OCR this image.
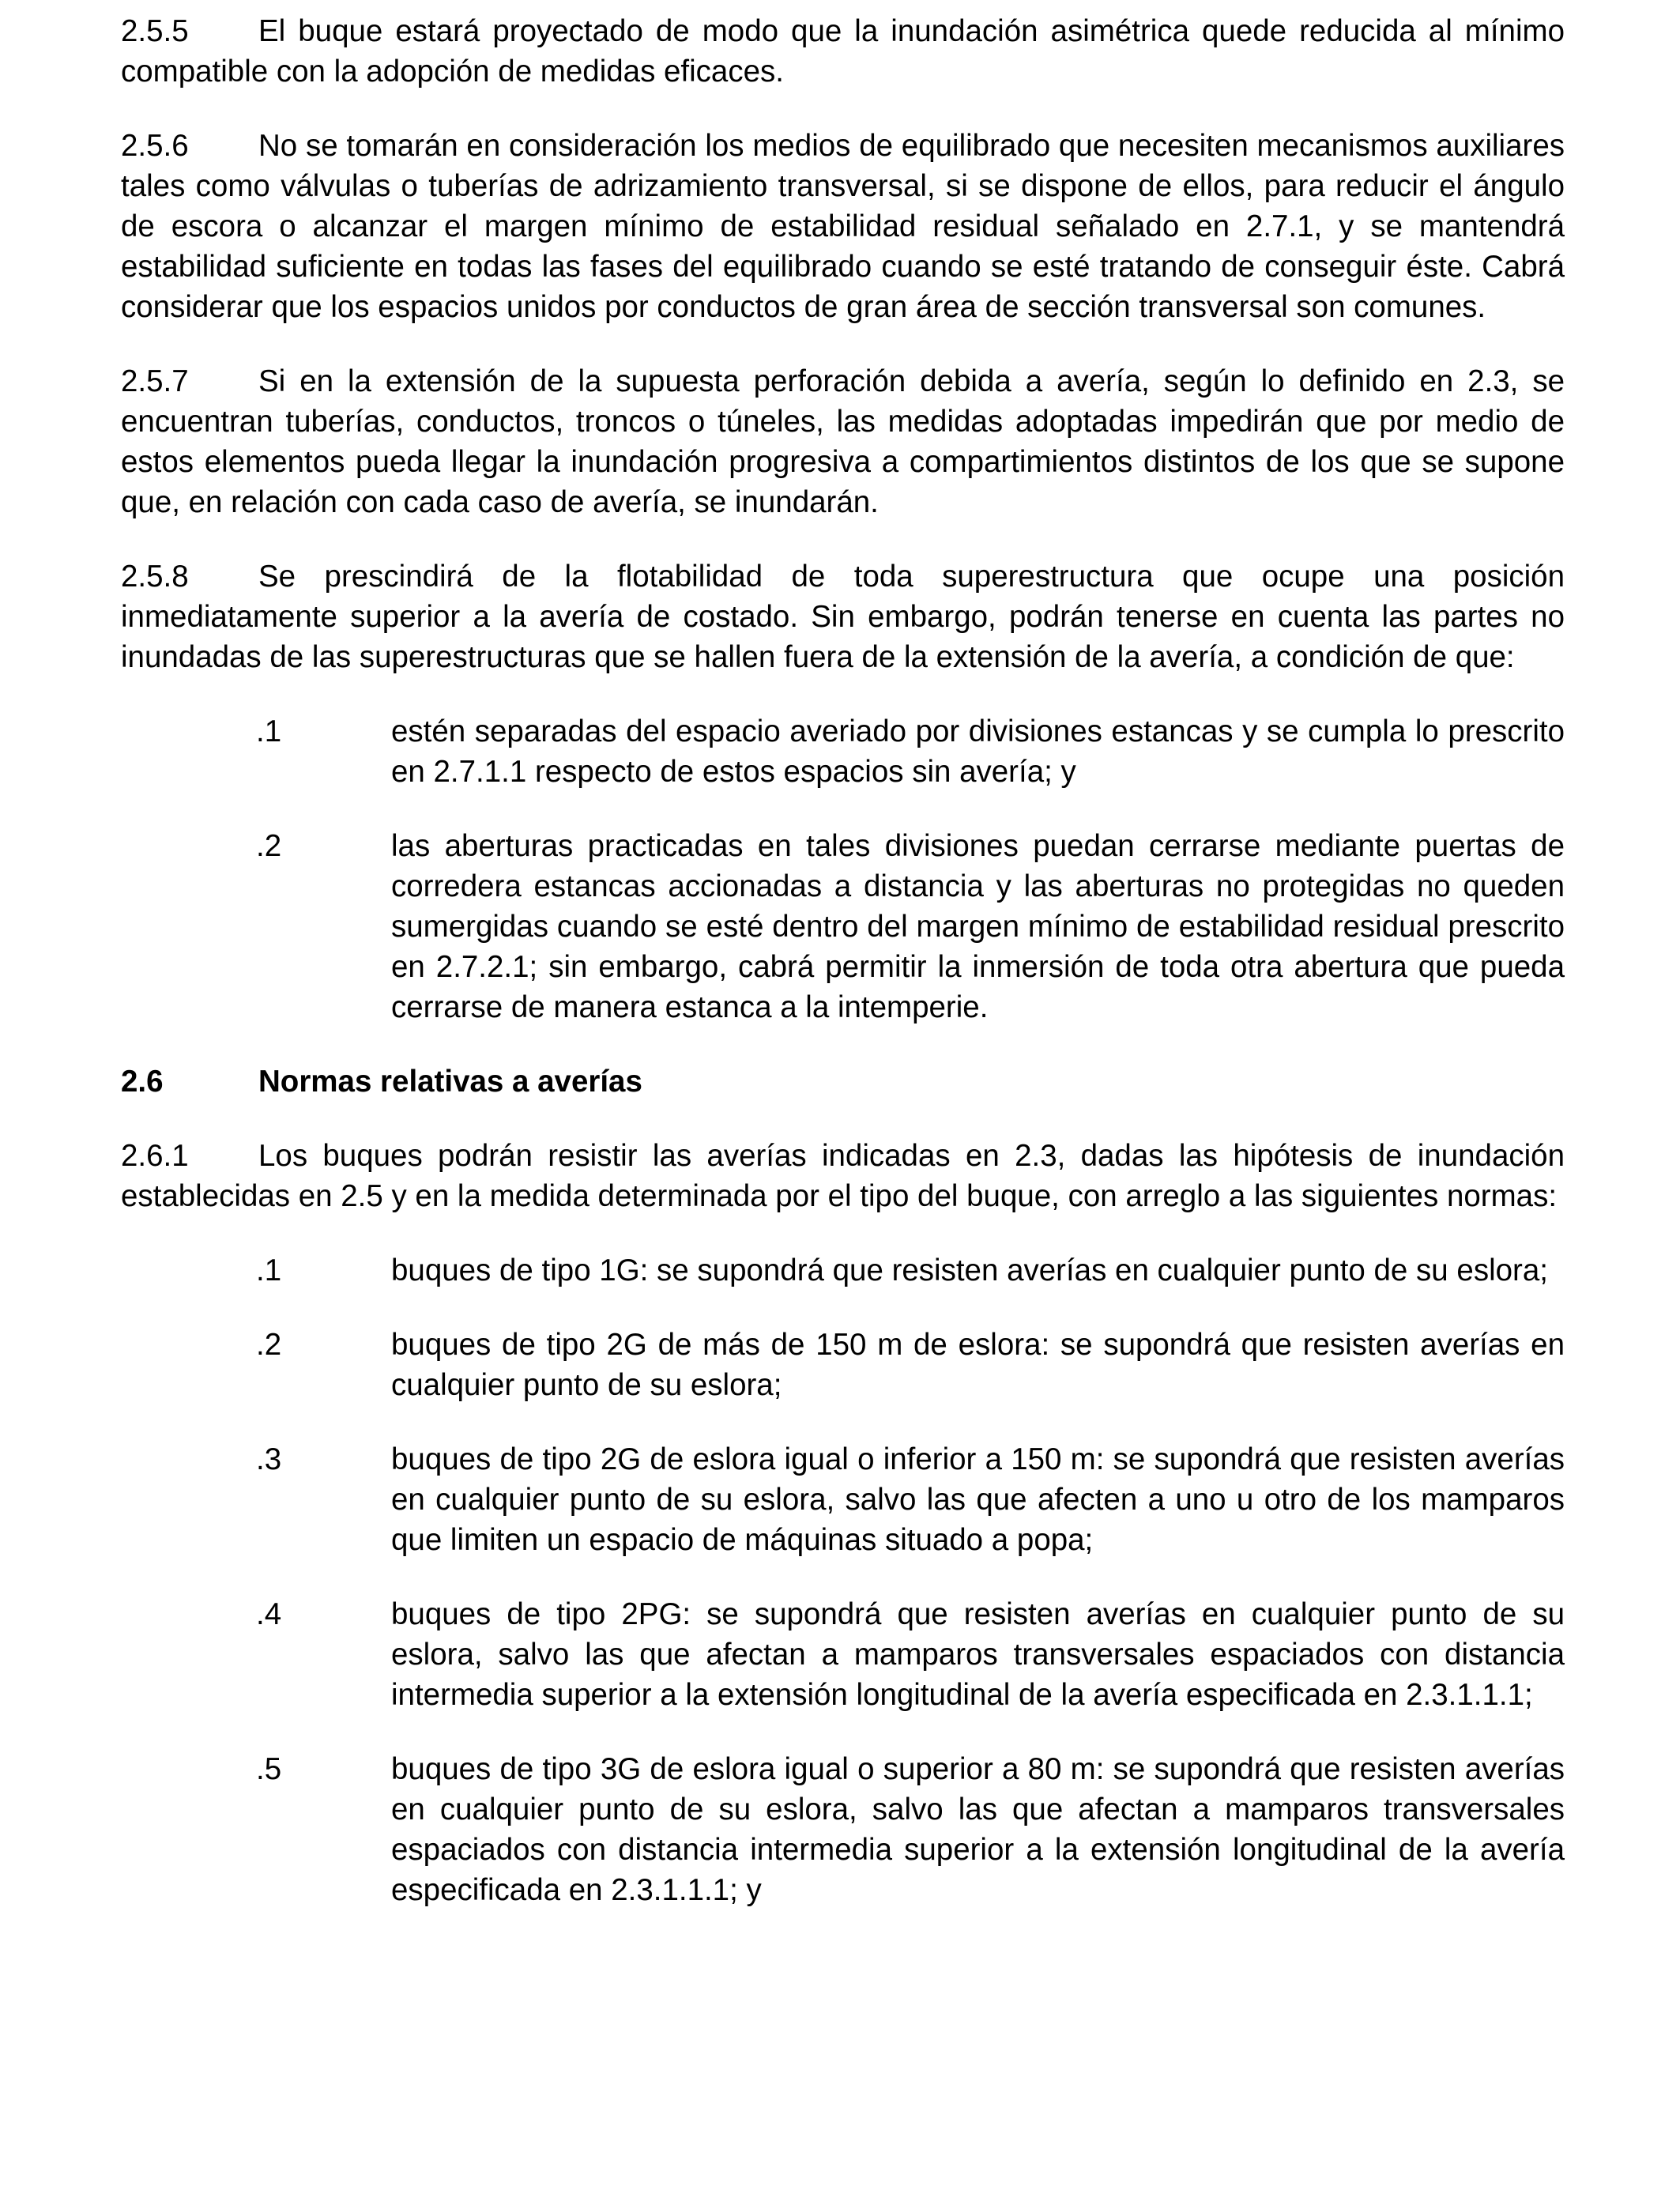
2.5.5 El buque estará proyectado de modo que la inundación asimétrica quede reducida al mínimo compatible con la adopción de medidas eficaces.

2.5.6 No se tomarán en consideración los medios de equilibrado que necesiten mecanismos auxiliares tales como válvulas o tuberías de adrizamiento transversal, si se dispone de ellos, para reducir el ángulo de escora o alcanzar el margen mínimo de estabilidad residual señalado en 2.7.1, y se mantendrá estabilidad suficiente en todas las fases del equilibrado cuando se esté tratando de conseguir éste. Cabrá considerar que los espacios unidos por conductos de gran área de sección transversal son comunes.

2.5.7 Si en la extensión de la supuesta perforación debida a avería, según lo definido en 2.3, se encuentran tuberías, conductos, troncos o túneles, las medidas adoptadas impedirán que por medio de estos elementos pueda llegar la inundación progresiva a compartimientos distintos de los que se supone que, en relación con cada caso de avería, se inundarán.

2.5.8 Se prescindirá de la flotabilidad de toda superestructura que ocupe una posición inmediatamente superior a la avería de costado. Sin embargo, podrán tenerse en cuenta las partes no inundadas de las superestructuras que se hallen fuera de la extensión de la avería, a condición de que:

.1	estén separadas del espacio averiado por divisiones estancas y se cumpla lo prescrito en 2.7.1.1 respecto de estos espacios sin avería; y
.2	las aberturas practicadas en tales divisiones puedan cerrarse mediante puertas de corredera estancas accionadas a distancia y las aberturas no protegidas no queden sumergidas cuando se esté dentro del margen mínimo de estabilidad residual prescrito en 2.7.2.1; sin embargo, cabrá permitir la inmersión de toda otra abertura que pueda cerrarse de manera estanca a la intemperie.

2.6	Normas relativas a averías

2.6.1 Los buques podrán resistir las averías indicadas en 2.3, dadas las hipótesis de inundación establecidas en 2.5 y en la medida determinada por el tipo del buque, con arreglo a las siguientes normas:

.1	buques de tipo 1G: se supondrá que resisten averías en cualquier punto de su eslora;
.2	buques de tipo 2G de más de 150 m de eslora: se supondrá que resisten averías en cualquier punto de su eslora;
.3	buques de tipo 2G de eslora igual o inferior a 150 m: se supondrá que resisten averías en cualquier punto de su eslora, salvo las que afecten a uno u otro de los mamparos que limiten un espacio de máquinas situado a popa;
.4	buques de tipo 2PG: se supondrá que resisten averías en cualquier punto de su eslora, salvo las que afectan a mamparos transversales espaciados con distancia intermedia superior a la extensión longitudinal de la avería especificada en 2.3.1.1.1;
.5	buques de tipo 3G de eslora igual o superior a 80 m: se supondrá que resisten averías en cualquier punto de su eslora, salvo las que afectan a mamparos transversales espaciados con distancia intermedia superior a la extensión longitudinal de la avería especificada en 2.3.1.1.1; y
